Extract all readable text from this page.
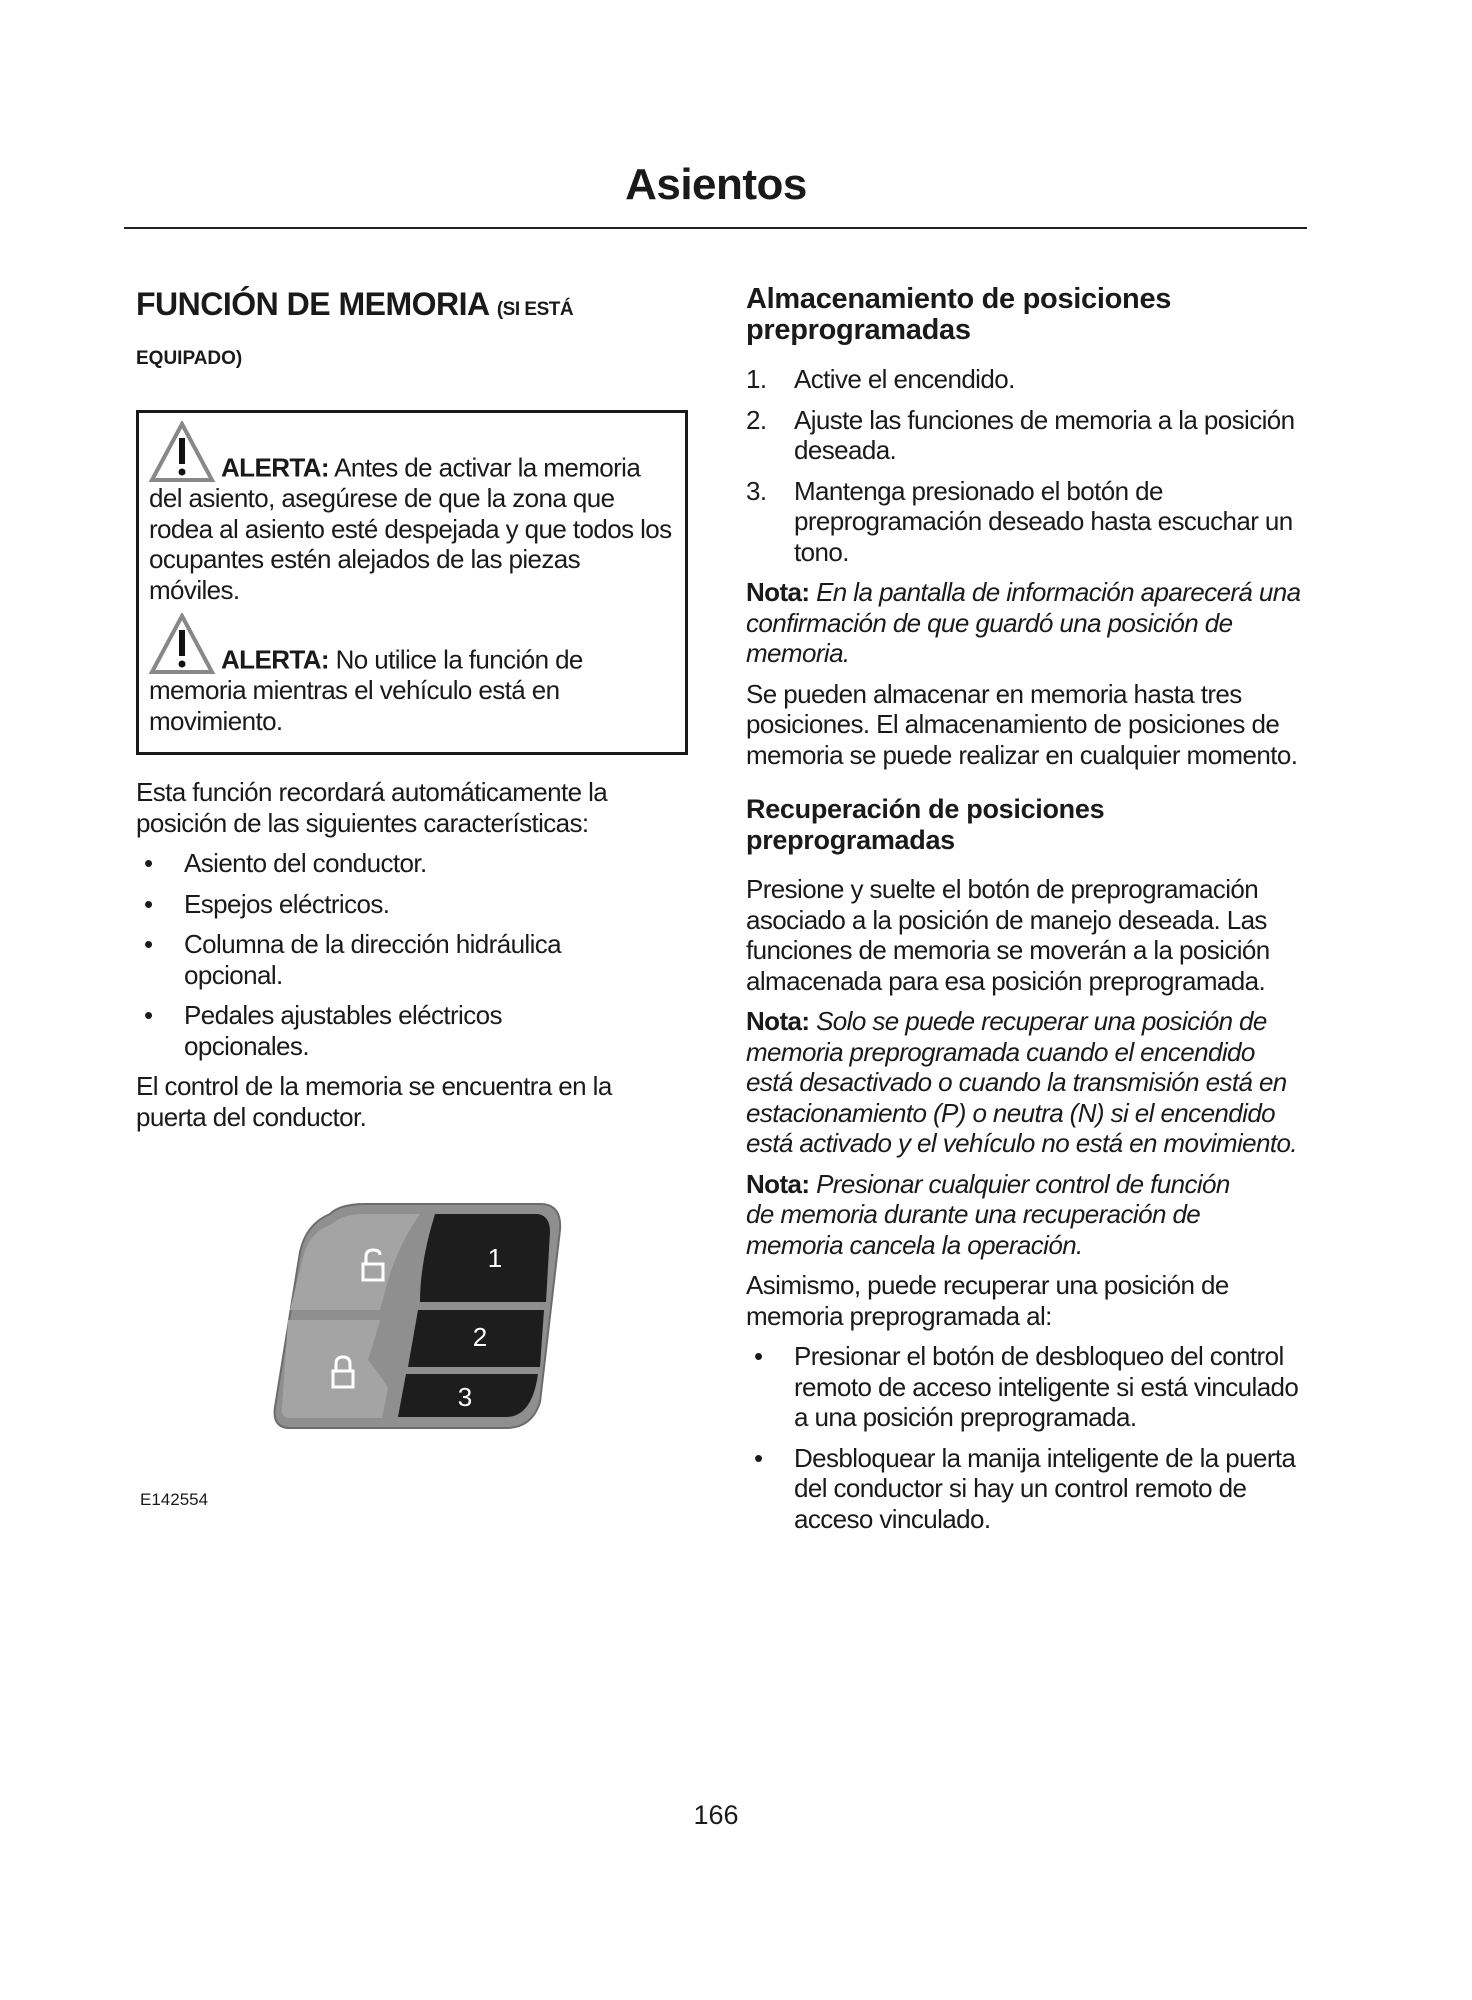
Asientos
FUNCIÓN DE MEMORIA (SI ESTÁ
EQUIPADO)
ALERTA: Antes de activar la memoria del asiento, asegúrese de que la zona que rodea al asiento esté despejada y que todos los ocupantes estén alejados de las piezas móviles.
ALERTA: No utilice la función de memoria mientras el vehículo está en movimiento.
Esta función recordará automáticamente la posición de las siguientes características:
• Asiento del conductor.
• Espejos eléctricos.
• Columna de la dirección hidráulica opcional.
• Pedales ajustables eléctricos opcionales.
El control de la memoria se encuentra en la puerta del conductor.
1
2
3
E142554
Almacenamiento de posiciones preprogramadas
1. Active el encendido.
2. Ajuste las funciones de memoria a la posición deseada.
3. Mantenga presionado el botón de preprogramación deseado hasta escuchar un tono.
Nota: En la pantalla de información aparecerá una confirmación de que guardó una posición de memoria.
Se pueden almacenar en memoria hasta tres posiciones. El almacenamiento de posiciones de memoria se puede realizar en cualquier momento.
Recuperación de posiciones preprogramadas
Presione y suelte el botón de preprogramación asociado a la posición de manejo deseada. Las funciones de memoria se moverán a la posición almacenada para esa posición preprogramada.
Nota: Solo se puede recuperar una posición de memoria preprogramada cuando el encendido está desactivado o cuando la transmisión está en estacionamiento (P) o neutra (N) si el encendido está activado y el vehículo no está en movimiento.
Nota: Presionar cualquier control de función de memoria durante una recuperación de memoria cancela la operación.
Asimismo, puede recuperar una posición de memoria preprogramada al:
• Presionar el botón de desbloqueo del control remoto de acceso inteligente si está vinculado a una posición preprogramada.
• Desbloquear la manija inteligente de la puerta del conductor si hay un control remoto de acceso vinculado.
166
